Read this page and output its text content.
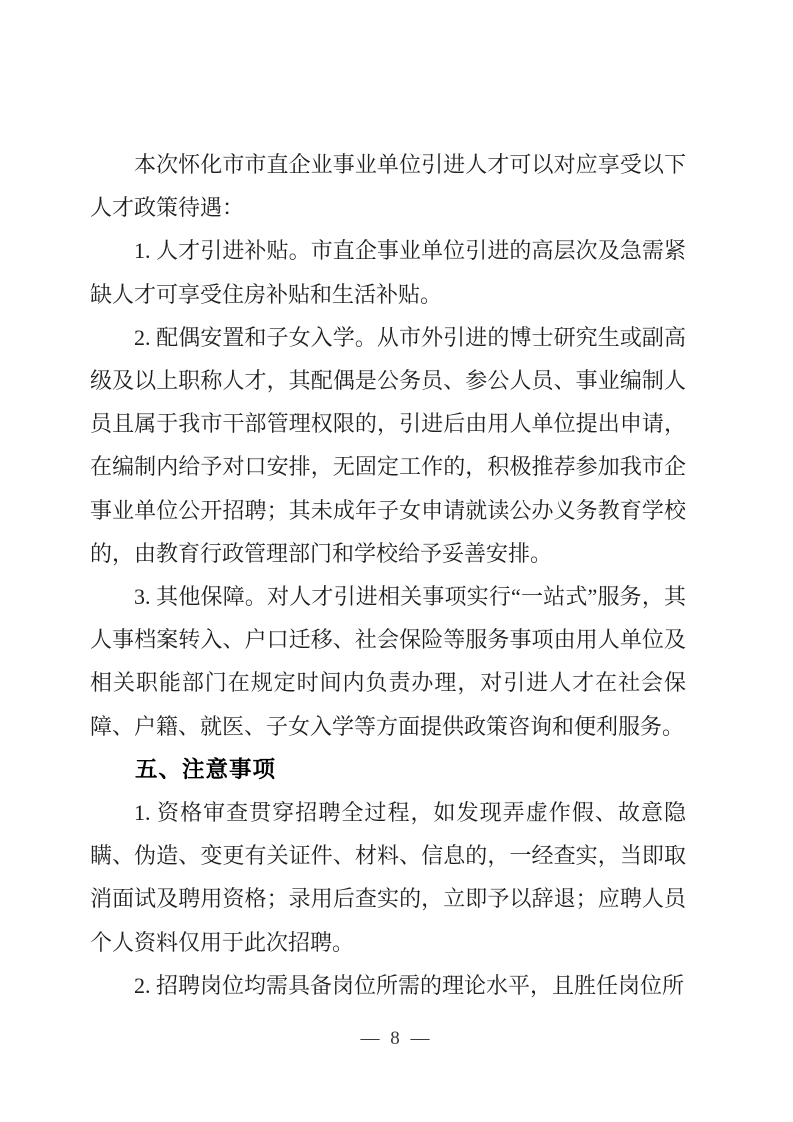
本次怀化市市直企业事业单位引进人才可以对应享受以下人才政策待遇：

1. 人才引进补贴。市直企事业单位引进的高层次及急需紧缺人才可享受住房补贴和生活补贴。

2. 配偶安置和子女入学。从市外引进的博士研究生或副高级及以上职称人才，其配偶是公务员、参公人员、事业编制人员且属于我市干部管理权限的，引进后由用人单位提出申请，在编制内给予对口安排，无固定工作的，积极推荐参加我市企事业单位公开招聘；其未成年子女申请就读公办义务教育学校的，由教育行政管理部门和学校给予妥善安排。

3. 其他保障。对人才引进相关事项实行“一站式”服务，其人事档案转入、户口迁移、社会保险等服务事项由用人单位及相关职能部门在规定时间内负责办理，对引进人才在社会保障、户籍、就医、子女入学等方面提供政策咨询和便利服务。

五、注意事项

1. 资格审查贯穿招聘全过程，如发现弄虚作假、故意隐瞒、伪造、变更有关证件、材料、信息的，一经查实，当即取消面试及聘用资格；录用后查实的，立即予以辞退；应聘人员个人资料仅用于此次招聘。

2. 招聘岗位均需具备岗位所需的理论水平，且胜任岗位所

— 8 —
